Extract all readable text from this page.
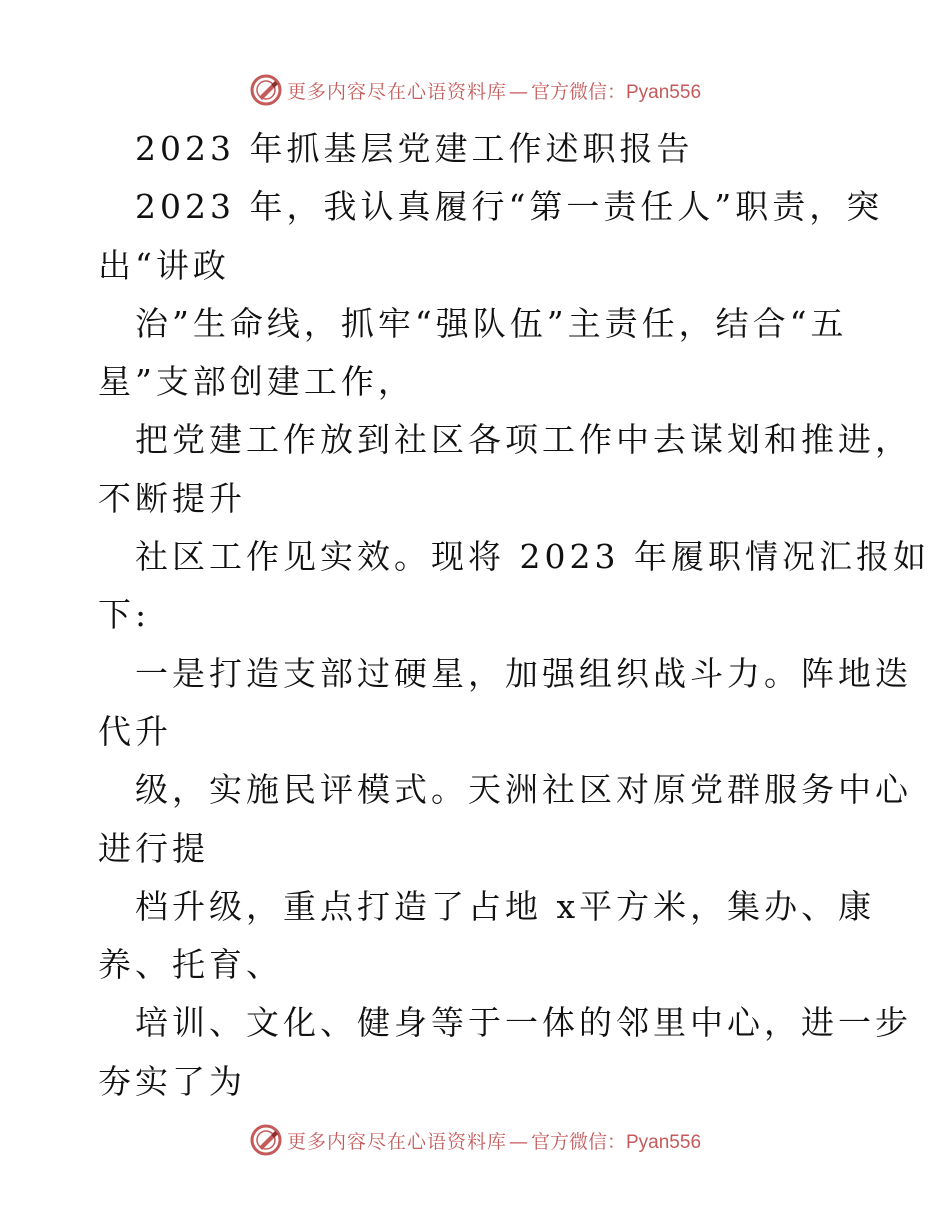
更多内容尽在心语资料库 — 官方微信：Pyan556
2023 年抓基层党建工作述职报告
2023 年，我认真履行“第一责任人”职责，突
出“讲政
治”生命线，抓牢“强队伍”主责任，结合“五
星”支部创建工作，
把党建工作放到社区各项工作中去谋划和推进，
不断提升
社区工作见实效。现将 2023 年履职情况汇报如
下:
一是打造支部过硬星，加强组织战斗力。阵地迭
代升
级，实施民评模式。天洲社区对原党群服务中心
进行提
档升级，重点打造了占地 x平方米，集办、康
养、托育、
培训、文化、健身等于一体的邻里中心，进一步
夯实了为
更多内容尽在心语资料库 — 官方微信：Pyan556
